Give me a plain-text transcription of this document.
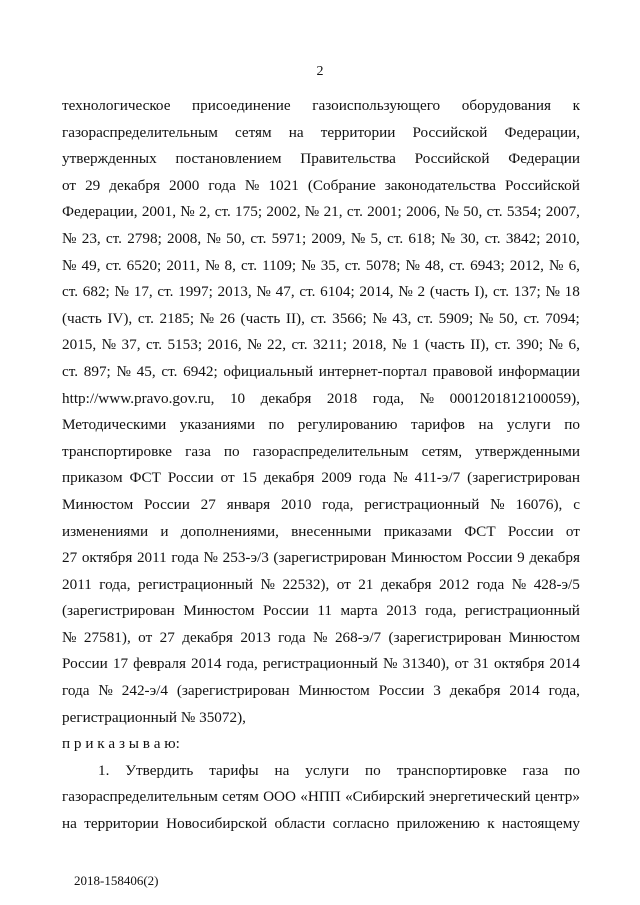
2
технологическое присоединение газоиспользующего оборудования к
газораспределительным сетям на территории Российской Федерации,
утвержденных постановлением Правительства Российской Федерации
от 29 декабря 2000 года № 1021 (Собрание законодательства Российской
Федерации, 2001, № 2, ст. 175; 2002, № 21, ст. 2001; 2006, № 50, ст. 5354; 2007,
№ 23, ст. 2798; 2008, № 50, ст. 5971; 2009, № 5, ст. 618; № 30, ст. 3842; 2010,
№ 49, ст. 6520; 2011, № 8, ст. 1109; № 35, ст. 5078; № 48, ст. 6943; 2012, № 6,
ст. 682; № 17, ст. 1997; 2013, № 47, ст. 6104; 2014, № 2 (часть I), ст. 137; № 18
(часть IV), ст. 2185; № 26 (часть II), ст. 3566; № 43, ст. 5909; № 50, ст. 7094;
2015, № 37, ст. 5153; 2016, № 22, ст. 3211; 2018, № 1 (часть II), ст. 390; № 6,
ст. 897; № 45, ст. 6942; официальный интернет-портал правовой информации
http://www.pravo.gov.ru, 10 декабря 2018 года, № 0001201812100059),
Методическими указаниями по регулированию тарифов на услуги по
транспортировке газа по газораспределительным сетям, утвержденными
приказом ФСТ России от 15 декабря 2009 года № 411-э/7 (зарегистрирован
Минюстом России 27 января 2010 года, регистрационный № 16076), с
изменениями и дополнениями, внесенными приказами ФСТ России от
27 октября 2011 года № 253-э/3 (зарегистрирован Минюстом России 9 декабря
2011 года, регистрационный № 22532), от 21 декабря 2012 года № 428-э/5
(зарегистрирован Минюстом России 11 марта 2013 года, регистрационный
№ 27581), от 27 декабря 2013 года № 268-э/7 (зарегистрирован Минюстом
России 17 февраля 2014 года, регистрационный № 31340), от 31 октября 2014
года № 242-э/4 (зарегистрирован Минюстом России 3 декабря 2014 года,
регистрационный № 35072),
п р и к а з ы в а ю:
1. Утвердить тарифы на услуги по транспортировке газа по
газораспределительным сетям ООО «НПП «Сибирский энергетический центр»
на территории Новосибирской области согласно приложению к настоящему
2018-158406(2)
